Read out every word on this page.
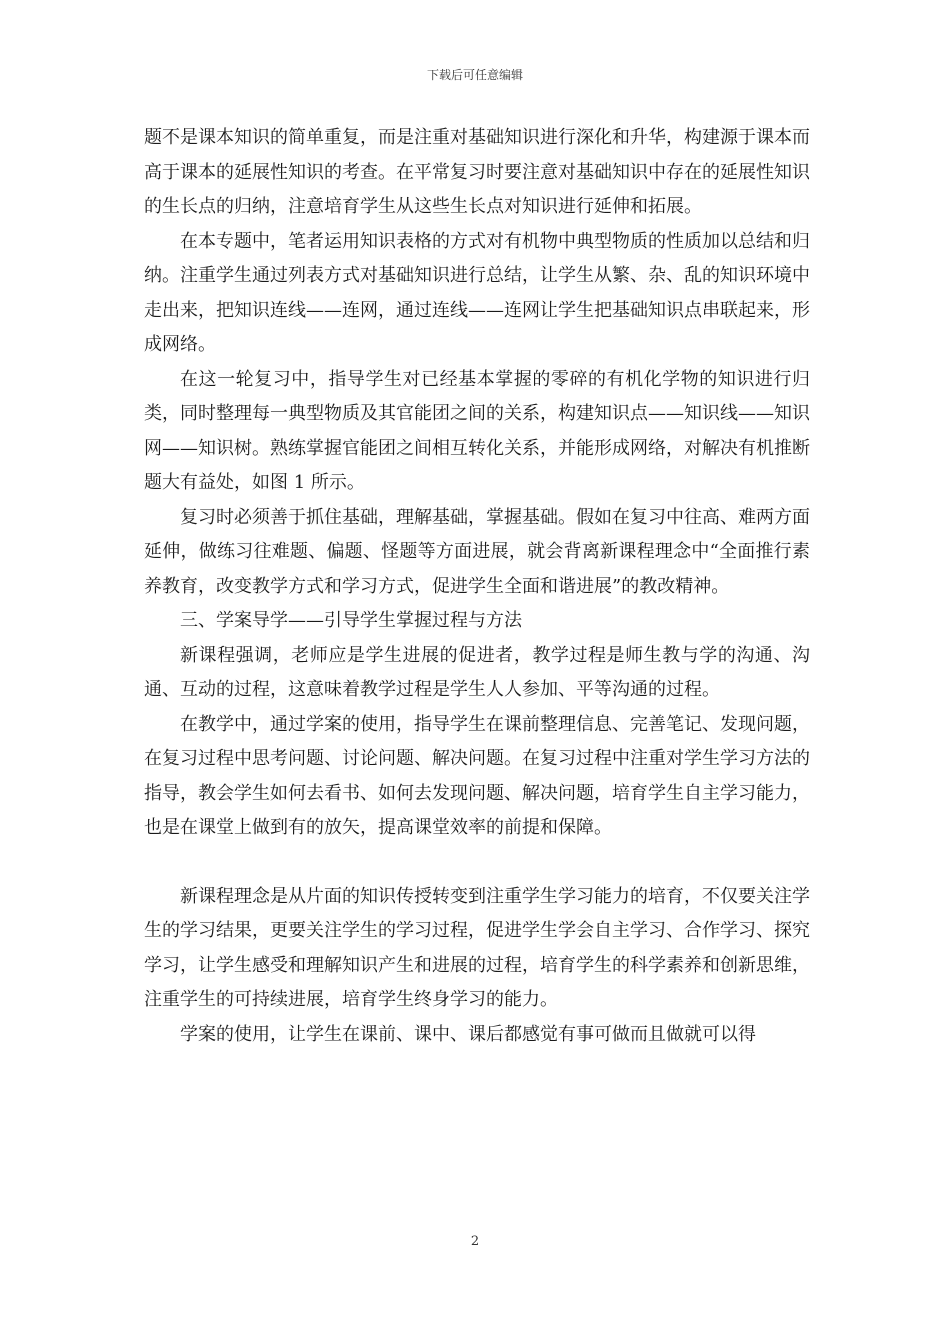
下载后可任意编辑

题不是课本知识的简单重复，而是注重对基础知识进行深化和升华，构建源于课本而高于课本的延展性知识的考查。在平常复习时要注意对基础知识中存在的延展性知识的生长点的归纳，注意培育学生从这些生长点对知识进行延伸和拓展。

在本专题中，笔者运用知识表格的方式对有机物中典型物质的性质加以总结和归纳。注重学生通过列表方式对基础知识进行总结，让学生从繁、杂、乱的知识环境中走出来，把知识连线——连网，通过连线——连网让学生把基础知识点串联起来，形成网络。

在这一轮复习中，指导学生对已经基本掌握的零碎的有机化学物的知识进行归类，同时整理每一典型物质及其官能团之间的关系，构建知识点——知识线——知识网——知识树。熟练掌握官能团之间相互转化关系，并能形成网络，对解决有机推断题大有益处，如图 1 所示。

复习时必须善于抓住基础，理解基础，掌握基础。假如在复习中往高、难两方面延伸，做练习往难题、偏题、怪题等方面进展，就会背离新课程理念中“全面推行素养教育，改变教学方式和学习方式，促进学生全面和谐进展”的教改精神。

三、学案导学——引导学生掌握过程与方法

新课程强调，老师应是学生进展的促进者，教学过程是师生教与学的沟通、沟通、互动的过程，这意味着教学过程是学生人人参加、平等沟通的过程。

在教学中，通过学案的使用，指导学生在课前整理信息、完善笔记、发现问题，在复习过程中思考问题、讨论问题、解决问题。在复习过程中注重对学生学习方法的指导，教会学生如何去看书、如何去发现问题、解决问题，培育学生自主学习能力，也是在课堂上做到有的放矢，提高课堂效率的前提和保障。

新课程理念是从片面的知识传授转变到注重学生学习能力的培育，不仅要关注学生的学习结果，更要关注学生的学习过程，促进学生学会自主学习、合作学习、探究学习，让学生感受和理解知识产生和进展的过程，培育学生的科学素养和创新思维，注重学生的可持续进展，培育学生终身学习的能力。

学案的使用，让学生在课前、课中、课后都感觉有事可做而且做就可以得

2
